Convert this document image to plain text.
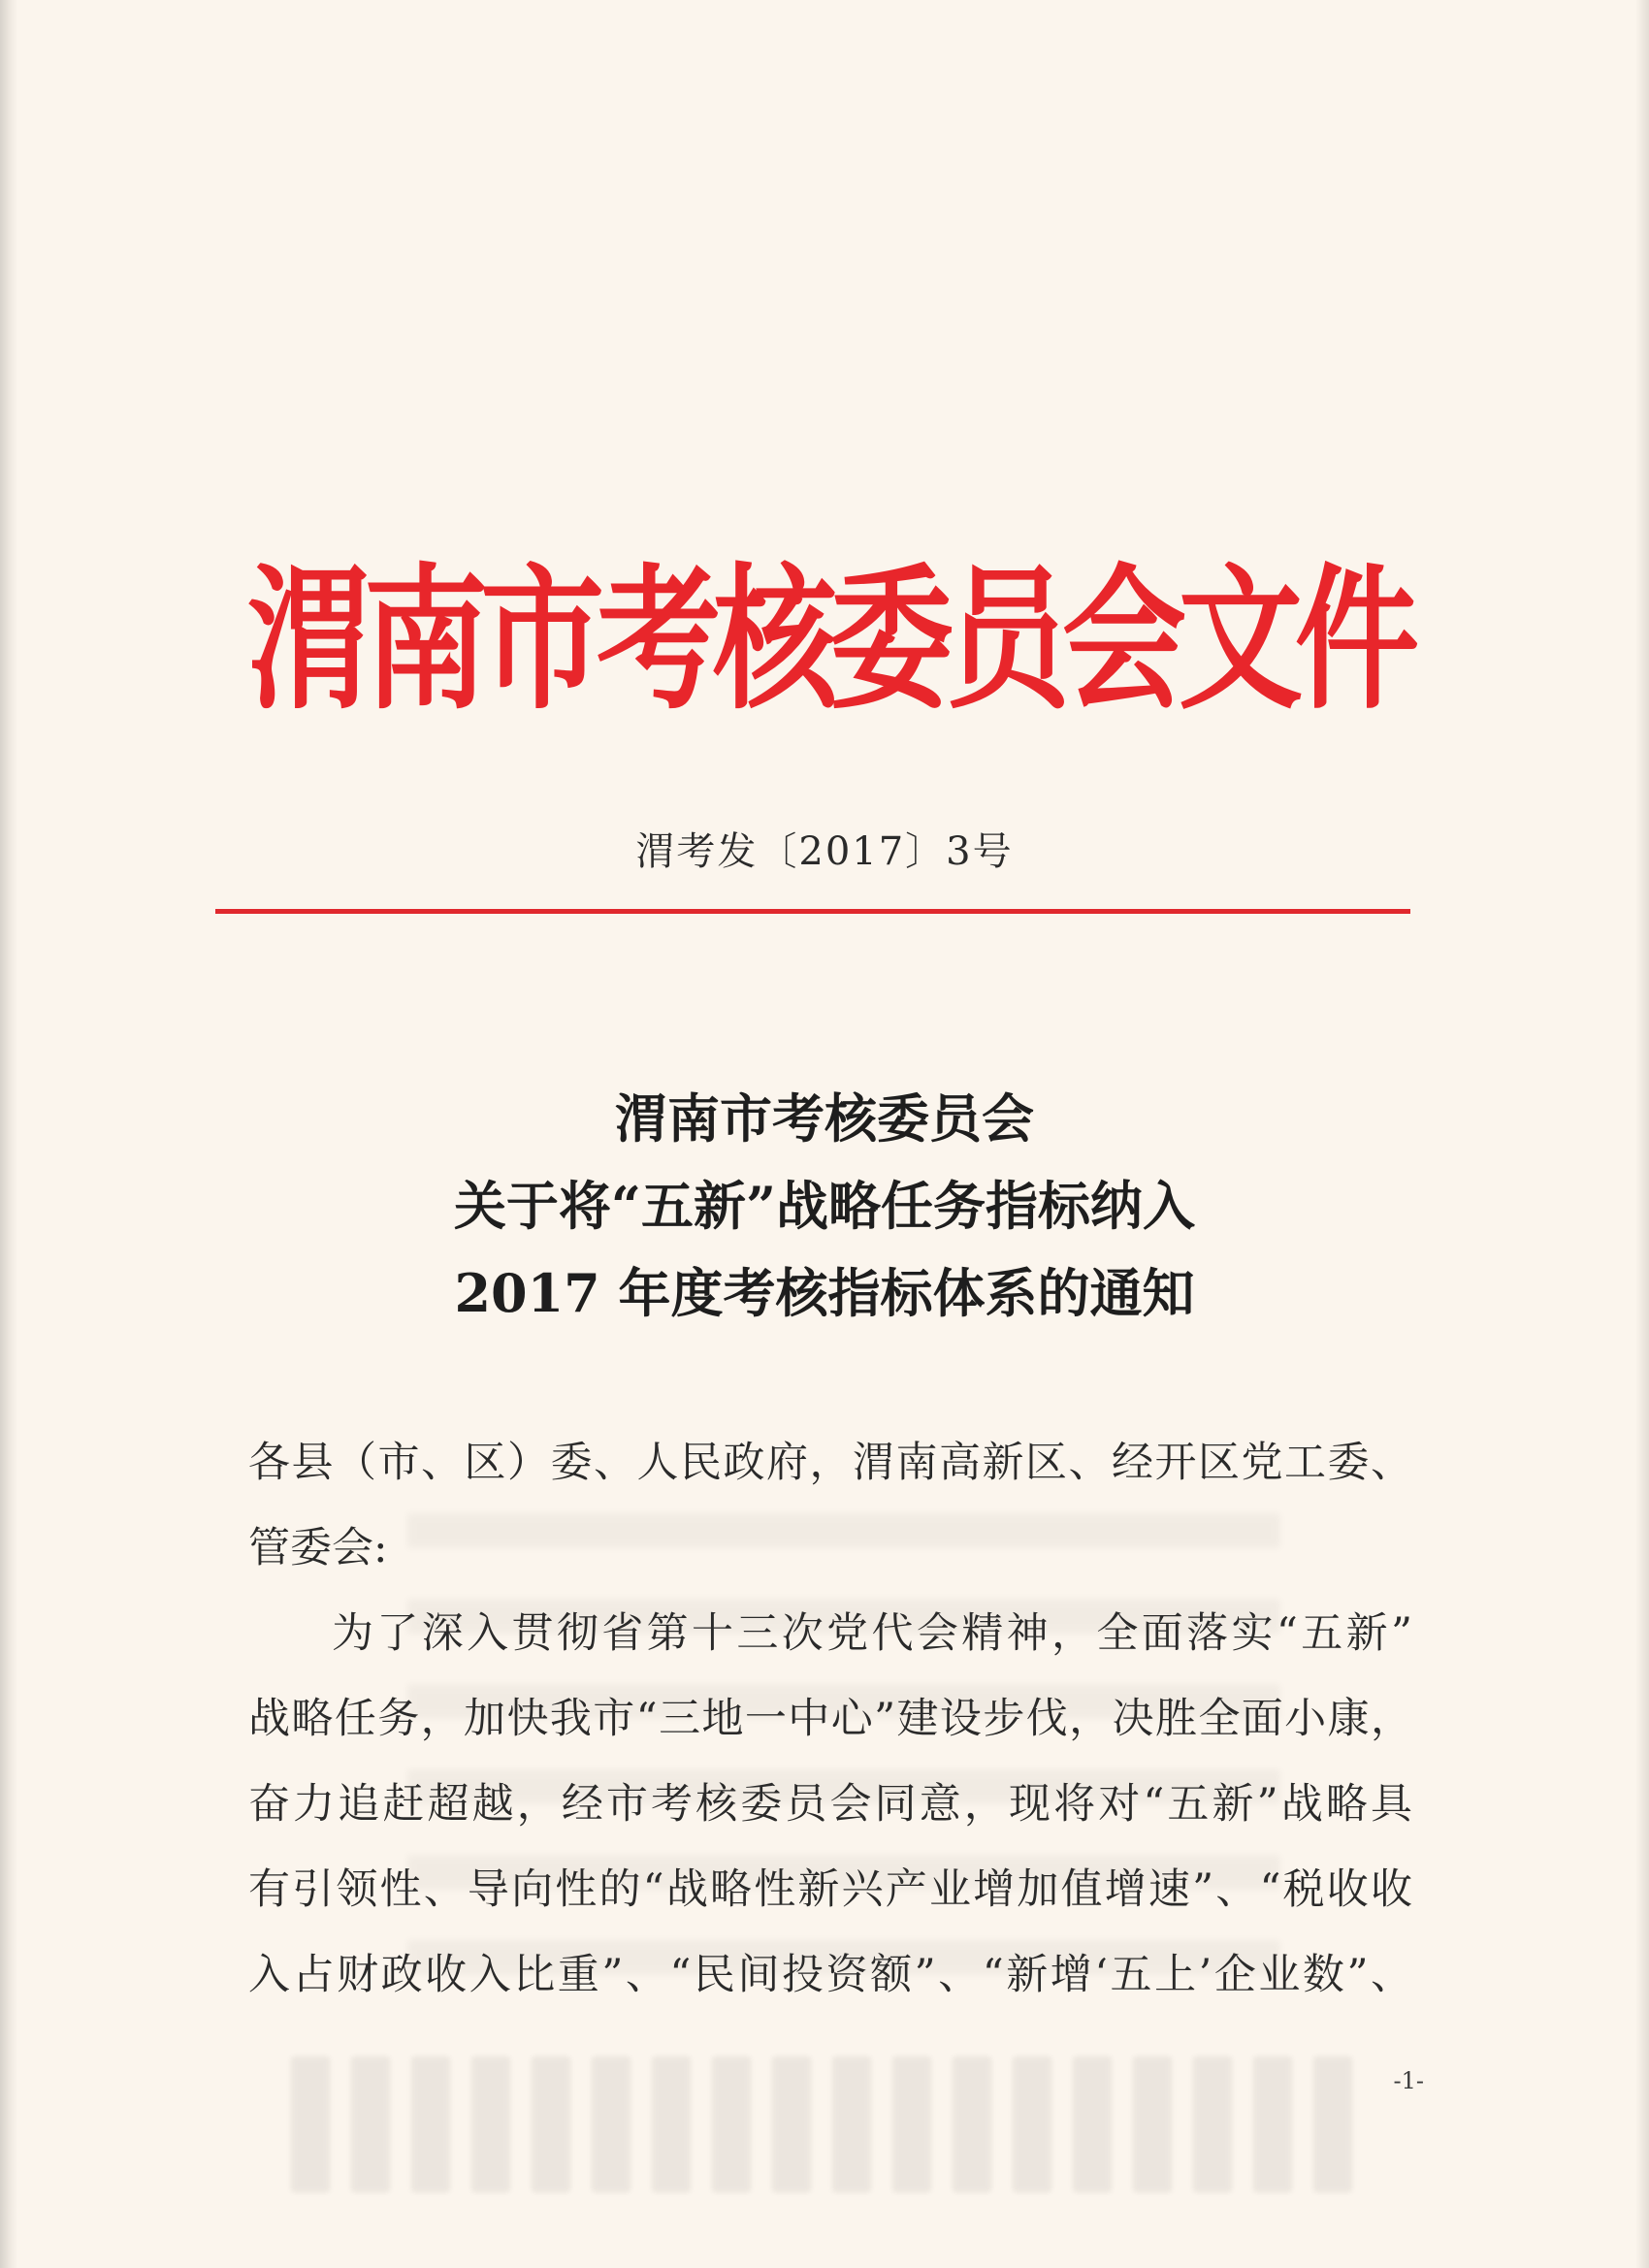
渭南市考核委员会文件
渭考发〔2017〕3号
渭南市考核委员会
关于将“五新”战略任务指标纳入
2017 年度考核指标体系的通知
各县（市、区）委、人民政府，渭南高新区、经开区党工委、
管委会:
为了深入贯彻省第十三次党代会精神，全面落实“五新”
战略任务，加快我市“三地一中心”建设步伐，决胜全面小康，
奋力追赶超越，经市考核委员会同意，现将对“五新”战略具
有引领性、导向性的“战略性新兴产业增加值增速”、“税收收
入占财政收入比重”、“民间投资额”、“新增‘五上’企业数”、
-1-
